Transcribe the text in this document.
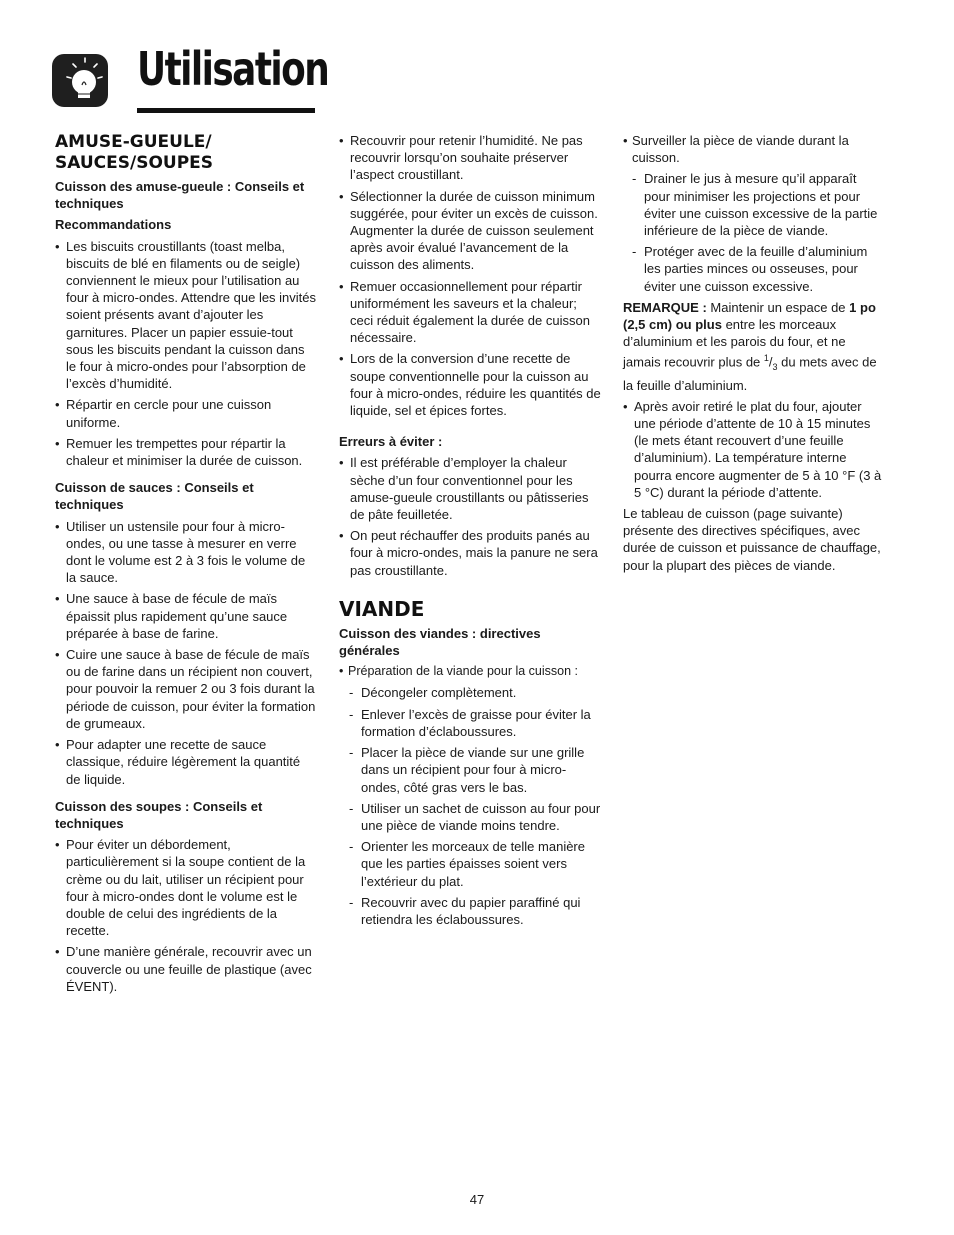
Utilisation
AMUSE-GUEULE/
SAUCES/SOUPES
Cuisson des amuse-gueule : Conseils et techniques
Recommandations
• Les biscuits croustillants (toast melba, biscuits de blé en filaments ou de seigle) conviennent le mieux pour l’utilisation au four à micro-ondes. Attendre que les invités soient présents avant d’ajouter les garnitures. Placer un papier essuie-tout sous les biscuits pendant la cuisson dans le four à micro-ondes pour l’absorption de l’excès d’humidité.
• Répartir en cercle pour une cuisson uniforme.
• Remuer les trempettes pour répartir la chaleur et minimiser la durée de cuisson.
Cuisson de sauces : Conseils et techniques
• Utiliser un ustensile pour four à micro-ondes, ou une tasse à mesurer en verre dont le volume est 2 à 3 fois le volume de la sauce.
• Une sauce à base de fécule de maïs épaissit plus rapidement qu’une sauce préparée à base de farine.
• Cuire une sauce à base de fécule de maïs ou de farine dans un récipient non couvert, pour pouvoir la remuer 2 ou 3 fois durant la période de cuisson, pour éviter la formation de grumeaux.
• Pour adapter une recette de sauce classique, réduire légèrement la quantité de liquide.
Cuisson des soupes : Conseils et techniques
• Pour éviter un débordement, particulièrement si la soupe contient de la crème ou du lait, utiliser un récipient pour four à micro-ondes dont le volume est le double de celui des ingrédients de la recette.
• D’une manière générale, recouvrir avec un couvercle ou une feuille de plastique (avec ÉVENT).
• Recouvrir pour retenir l’humidité. Ne pas recouvrir lorsqu’on souhaite préserver l’aspect croustillant.
• Sélectionner la durée de cuisson minimum suggérée, pour éviter un excès de cuisson. Augmenter la durée de cuisson seulement après avoir évalué l’avancement de la cuisson des aliments.
• Remuer occasionnellement pour répartir uniformément les saveurs et la chaleur; ceci réduit également la durée de cuisson nécessaire.
• Lors de la conversion d’une recette de soupe conventionnelle pour la cuisson au four à micro-ondes, réduire les quantités de liquide, sel et épices fortes.
Erreurs à éviter :
• Il est préférable d’employer la chaleur sèche d’un four conventionnel pour les amuse-gueule croustillants ou pâtisseries de pâte feuilletée.
• On peut réchauffer des produits panés au four à micro-ondes, mais la panure ne sera pas croustillante.
VIANDE
Cuisson des viandes : directives générales
• Préparation de la viande pour la cuisson :
- Décongeler complètement.
- Enlever l’excès de graisse pour éviter la formation d’éclaboussures.
- Placer la pièce de viande sur une grille dans un récipient pour four à micro-ondes, côté gras vers le bas.
- Utiliser un sachet de cuisson au four pour une pièce de viande moins tendre.
- Orienter les morceaux de telle manière que les parties épaisses soient vers l’extérieur du plat.
- Recouvrir avec du papier paraffiné qui retiendra les éclaboussures.
• Surveiller la pièce de viande durant la cuisson.
- Drainer le jus à mesure qu’il apparaît pour minimiser les projections et pour éviter une cuisson excessive de la partie inférieure de la pièce de viande.
- Protéger avec de la feuille d’aluminium les parties minces ou osseuses, pour éviter une cuisson excessive.

REMARQUE : Maintenir un espace de 1 po (2,5 cm) ou plus entre les morceaux d’aluminium et les parois du four, et ne jamais recouvrir plus de $^1/_3$ du mets avec de la feuille d’aluminium.

• Après avoir retiré le plat du four, ajouter une période d’attente de 10 à 15 minutes (le mets étant recouvert d’une feuille d’aluminium). La température interne pourra encore augmenter de 5 à 10 °F (3 à 5 °C) durant la période d’attente.

Le tableau de cuisson (page suivante) présente des directives spécifiques, avec durée de cuisson et puissance de chauffage, pour la plupart des pièces de viande.

47
